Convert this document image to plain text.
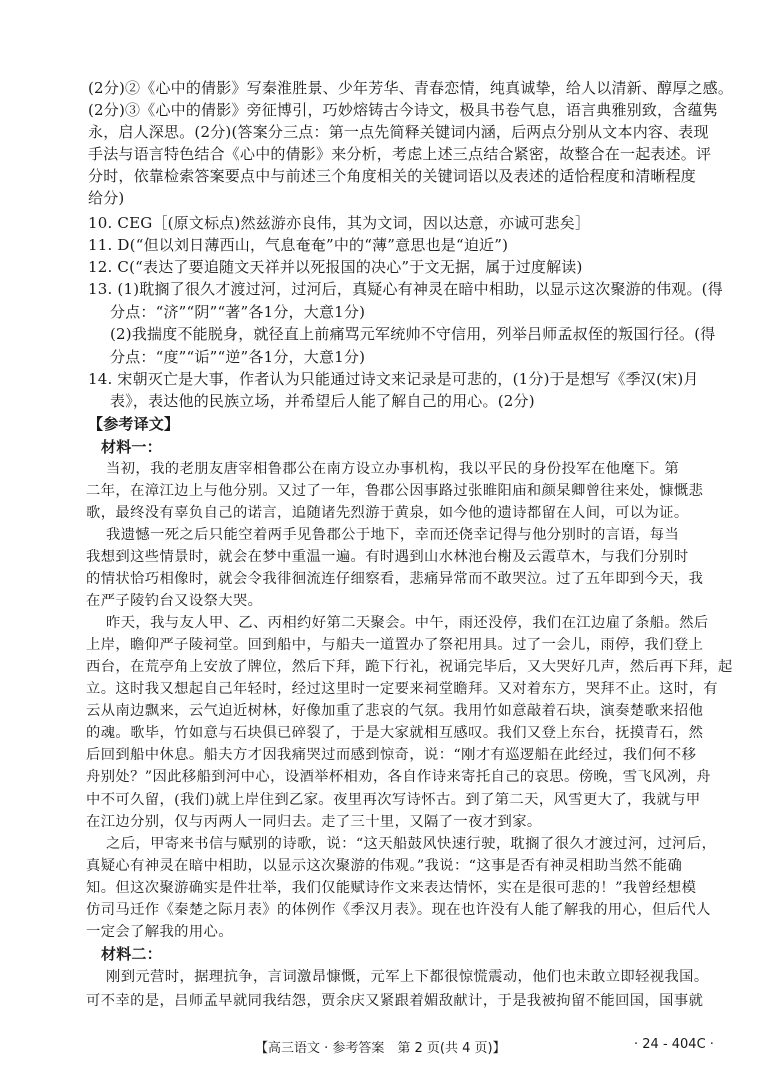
(2分)②《心中的倩影》写秦淮胜景、少年芳华、青春恋情，纯真诚挚，给人以清新、醇厚之感。
(2分)③《心中的倩影》旁征博引，巧妙熔铸古今诗文，极具书卷气息，语言典雅别致，含蕴隽
永，启人深思。(2分)(答案分三点：第一点先简释关键词内涵，后两点分别从文本内容、表现
手法与语言特色结合《心中的倩影》来分析，考虑上述三点结合紧密，故整合在一起表述。评
分时，依靠检索答案要点中与前述三个角度相关的关键词语以及表述的适恰程度和清晰程度
给分)
10. CEG［(原文标点)然兹游亦良伟，其为文词，因以达意，亦诚可悲矣］
11. D(“但以刘日薄西山，气息奄奄”中的“薄”意思也是“迫近”)
12. C(“表达了要追随文天祥并以死报国的决心”于文无据，属于过度解读)
13. (1)耽搁了很久才渡过河，过河后，真疑心有神灵在暗中相助，以显示这次聚游的伟观。(得
分点：“济”“阴”“著”各1分，大意1分)
(2)我揣度不能脱身，就径直上前痛骂元军统帅不守信用，列举吕师孟叔侄的叛国行径。(得
分点：“度”“诟”“逆”各1分，大意1分)
14. 宋朝灭亡是大事，作者认为只能通过诗文来记录是可悲的，(1分)于是想写《季汉(宋)月
表》，表达他的民族立场，并希望后人能了解自己的用心。(2分)
【参考译文】
材料一：
当初，我的老朋友唐宰相鲁郡公在南方设立办事机构，我以平民的身份投军在他麾下。第
二年，在漳江边上与他分别。又过了一年，鲁郡公因事路过张睢阳庙和颜杲卿曾往来处，慷慨悲
歌，最终没有辜负自己的诺言，追随诸先烈游于黄泉，如今他的遗诗都留在人间，可以为证。
我遗憾一死之后只能空着两手见鲁郡公于地下，幸而还侥幸记得与他分别时的言语，每当
我想到这些情景时，就会在梦中重温一遍。有时遇到山水林池台榭及云霞草木，与我们分别时
的情状恰巧相像时，就会令我徘徊流连仔细察看，悲痛异常而不敢哭泣。过了五年即到今天，我
在严子陵钓台又设祭大哭。
昨天，我与友人甲、乙、丙相约好第二天聚会。中午，雨还没停，我们在江边雇了条船。然后
上岸，瞻仰严子陵祠堂。回到船中，与船夫一道置办了祭祀用具。过了一会儿，雨停，我们登上
西台，在荒亭角上安放了牌位，然后下拜，跪下行礼，祝诵完毕后，又大哭好几声，然后再下拜，起
立。这时我又想起自己年轻时，经过这里时一定要来祠堂瞻拜。又对着东方，哭拜不止。这时，有
云从南边飘来，云气迫近树林，好像加重了悲哀的气氛。我用竹如意敲着石块，演奏楚歌来招他
的魂。歌毕，竹如意与石块俱已碎裂了，于是大家就相互感叹。我们又登上东台，抚摸青石，然
后回到船中休息。船夫方才因我痛哭过而感到惊奇，说：“刚才有巡逻船在此经过，我们何不移
舟别处？”因此移船到河中心，设酒举杯相劝，各自作诗来寄托自己的哀思。傍晚，雪飞风冽，舟
中不可久留，(我们)就上岸住到乙家。夜里再次写诗怀古。到了第二天，风雪更大了，我就与甲
在江边分别，仅与丙两人一同归去。走了三十里，又隔了一夜才到家。
之后，甲寄来书信与赋别的诗歌，说：“这天船鼓风快速行驶，耽搁了很久才渡过河，过河后，
真疑心有神灵在暗中相助，以显示这次聚游的伟观。”我说：“这事是否有神灵相助当然不能确
知。但这次聚游确实是件壮举，我们仅能赋诗作文来表达情怀，实在是很可悲的！”我曾经想模
仿司马迁作《秦楚之际月表》的体例作《季汉月表》。现在也许没有人能了解我的用心，但后代人
一定会了解我的用心。
材料二：
刚到元营时，据理抗争，言词激昂慷慨，元军上下都很惊慌震动，他们也未敢立即轻视我国。
可不幸的是，吕师孟早就同我结怨，贾余庆又紧跟着媚敌献计，于是我被拘留不能回国，国事就
【高三语文 · 参考答案　第 2 页(共 4 页)】	· 24 - 404C ·
